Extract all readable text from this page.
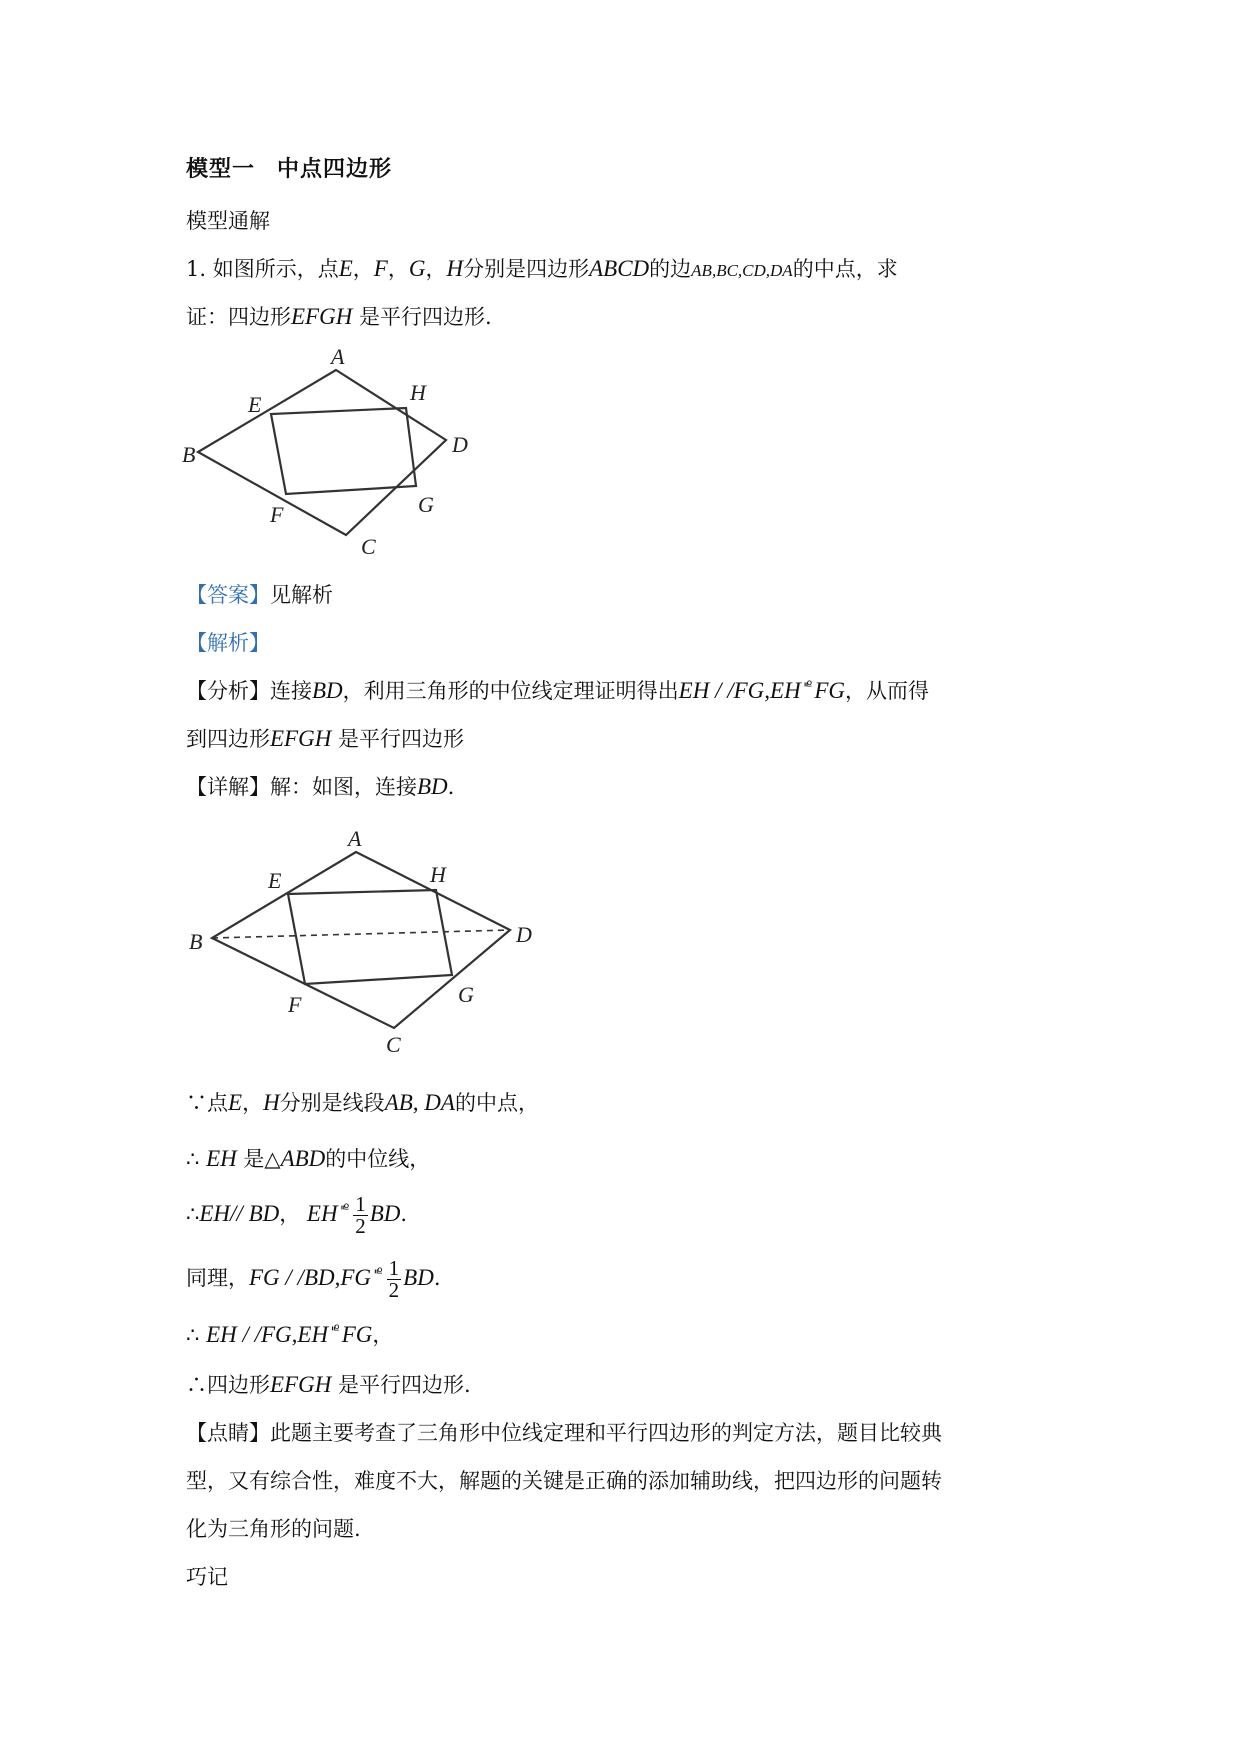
模型一 中点四边形
模型通解
1. 如图所示，点E，F，G，H分别是四边形ABCD的边AB,BC,CD,DA的中点，求
证：四边形EFGH 是平行四边形.
A
B
C
D
E
F	G
H
【答案】见解析
【解析】
【分析】连接BD，利用三角形的中位线定理证明得出EH / /FG,EH $^{ײº}$ FG，从而得
到四边形EFGH 是平行四边形
【详解】解：如图，连接BD.
A
B
C
D
E
F	G
H
∵点E，H分别是线段AB, DA的中点，
∴ EH 是△ABD的中位线，
∴EH// BD， EH $^{ײº} \frac{1}{2}$ BD.
同理，FG / /BD,FG $^{ײº} \frac{1}{2}$ BD.
∴ EH / /FG,EH $^{ײº}$ FG，
∴四边形EFGH 是平行四边形.
【点睛】此题主要考查了三角形中位线定理和平行四边形的判定方法，题目比较典
型，又有综合性，难度不大，解题的关键是正确的添加辅助线，把四边形的问题转
化为三角形的问题.
巧记
